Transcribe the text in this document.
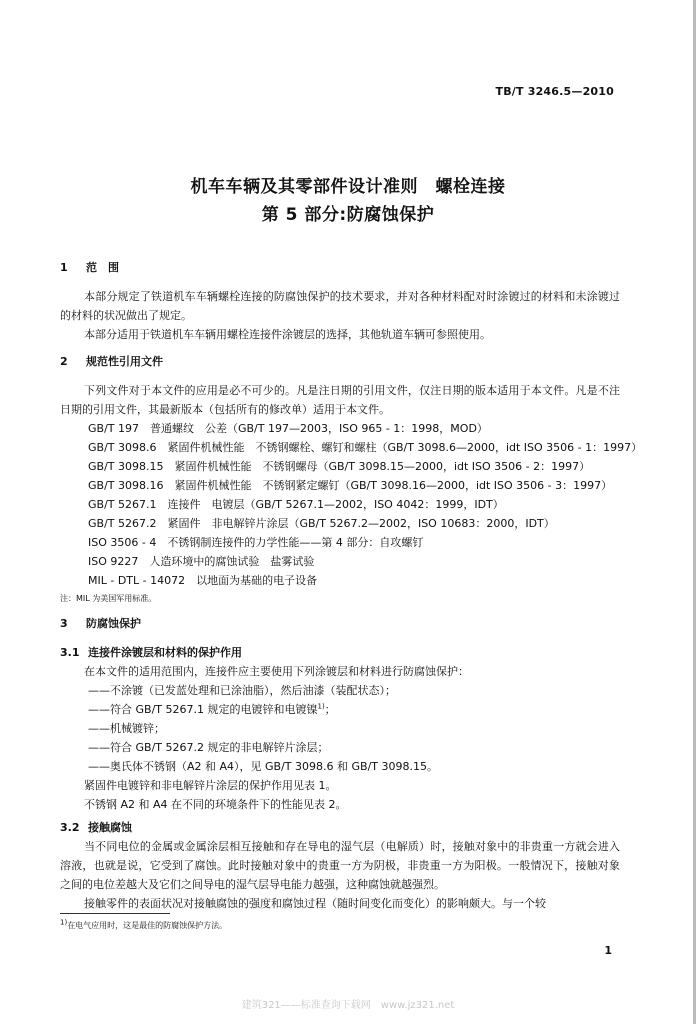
TB/T 3246.5—2010
机车车辆及其零部件设计准则　螺栓连接
第 5 部分:防腐蚀保护

1 范　围

本部分规定了铁道机车车辆螺栓连接的防腐蚀保护的技术要求，并对各种材料配对时涂镀过的材料和未涂镀过的材料的状况做出了规定。

本部分适用于铁道机车车辆用螺栓连接件涂镀层的选择，其他轨道车辆可参照使用。

2 规范性引用文件

下列文件对于本文件的应用是必不可少的。凡是注日期的引用文件，仅注日期的版本适用于本文件。凡是不注日期的引用文件，其最新版本（包括所有的修改单）适用于本文件。

GB/T 197　普通螺纹　公差（GB/T 197—2003，ISO 965 - 1：1998，MOD）

GB/T 3098.6　紧固件机械性能　不锈钢螺栓、螺钉和螺柱（GB/T 3098.6—2000，idt ISO 3506 - 1：1997）

GB/T 3098.15　紧固件机械性能　不锈钢螺母（GB/T 3098.15—2000，idt ISO 3506 - 2：1997）

GB/T 3098.16　紧固件机械性能　不锈钢紧定螺钉（GB/T 3098.16—2000，idt ISO 3506 - 3：1997）

GB/T 5267.1　连接件　电镀层（GB/T 5267.1—2002，ISO 4042：1999，IDT）

GB/T 5267.2　紧固件　非电解锌片涂层（GB/T 5267.2—2002，ISO 10683：2000，IDT）

ISO 3506 - 4　不锈钢制连接件的力学性能——第 4 部分：自攻螺钉

ISO 9227　人造环境中的腐蚀试验　盐雾试验

MIL - DTL - 14072　以地面为基础的电子设备

注：MIL 为美国军用标准。

3 防腐蚀保护

3.1 连接件涂镀层和材料的保护作用

在本文件的适用范围内，连接件应主要使用下列涂镀层和材料进行防腐蚀保护：

——不涂镀（已发蓝处理和已涂油脂），然后油漆（装配状态）；

——符合 GB/T 5267.1 规定的电镀锌和电镀镍$^{1)}$；

——机械镀锌；

——符合 GB/T 5267.2 规定的非电解锌片涂层；

——奥氏体不锈钢（A2 和 A4），见 GB/T 3098.6 和 GB/T 3098.15。

紧固件电镀锌和非电解锌片涂层的保护作用见表 1。

不锈钢 A2 和 A4 在不同的环境条件下的性能见表 2。

3.2 接触腐蚀

当不同电位的金属或金属涂层相互接触和存在导电的湿气层（电解质）时，接触对象中的非贵重一方就会进入溶液，也就是说，它受到了腐蚀。此时接触对象中的贵重一方为阴极，非贵重一方为阳极。一般情况下，接触对象之间的电位差越大及它们之间导电的湿气层导电能力越强，这种腐蚀就越强烈。

接触零件的表面状况对接触腐蚀的强度和腐蚀过程（随时间变化而变化）的影响颇大。与一个较

1)在电气应用时，这是最佳的防腐蚀保护方法。
1
建筑321——标准查询下载网　www.jz321.net
